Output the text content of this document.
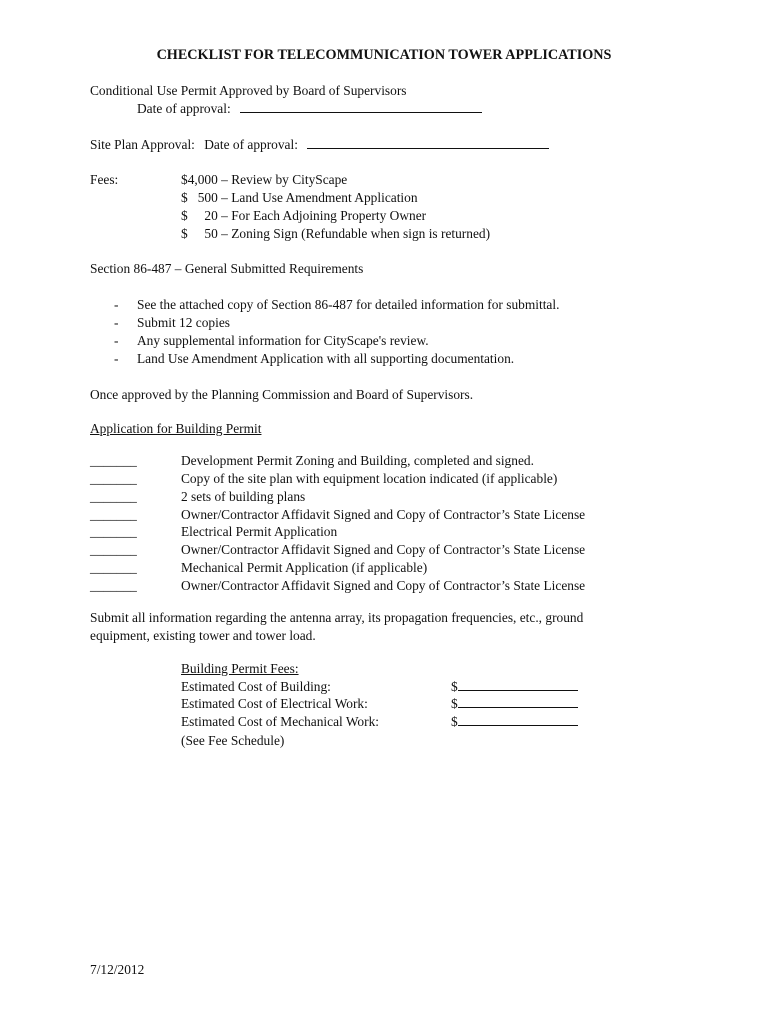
CHECKLIST FOR TELECOMMUNICATION TOWER APPLICATIONS
Conditional Use Permit Approved by Board of Supervisors
Date of approval:
Site Plan Approval: Date of approval:
Fees:	$4,000 – Review by CityScape
$   500 – Land Use Amendment Application
$     20 – For Each Adjoining Property Owner
$     50 – Zoning Sign (Refundable when sign is returned)
Section 86-487 – General Submitted Requirements
- See the attached copy of Section 86-487 for detailed information for submittal.
- Submit 12 copies
- Any supplemental information for CityScape's review.
- Land Use Amendment Application with all supporting documentation.
Once approved by the Planning Commission and Board of Supervisors.
Application for Building Permit
_______	Development Permit Zoning and Building, completed and signed.
_______	Copy of the site plan with equipment location indicated (if applicable)
_______	2 sets of building plans
_______	Owner/Contractor Affidavit Signed and Copy of Contractor’s State License
_______	Electrical Permit Application
_______	Owner/Contractor Affidavit Signed and Copy of Contractor’s State License
_______	Mechanical Permit Application (if applicable)
_______	Owner/Contractor Affidavit Signed and Copy of Contractor’s State License
Submit all information regarding the antenna array, its propagation frequencies, etc., ground
equipment, existing tower and tower load.
Building Permit Fees:
Estimated Cost of Building:	$
Estimated Cost of Electrical Work:	$
Estimated Cost of Mechanical Work:	$
(See Fee Schedule)
7/12/2012
